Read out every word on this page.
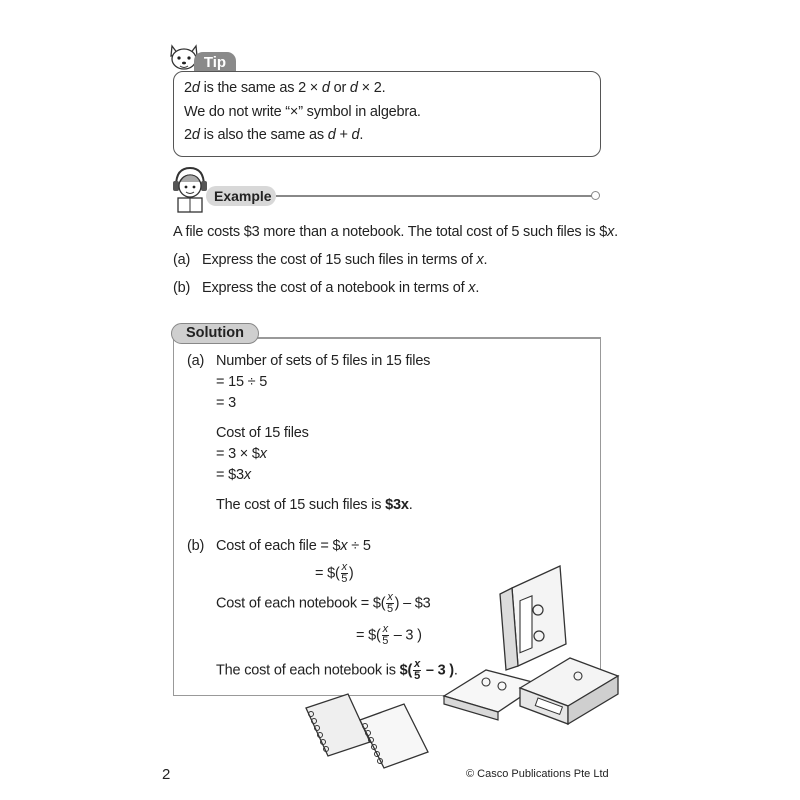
Tip
2d is the same as 2 × d or d × 2.
We do not write “×” symbol in algebra.
2d is also the same as d + d.
Example
A file costs $3 more than a notebook. The total cost of 5 such files is $x.
(a) Express the cost of 15 such files in terms of x.
(b) Express the cost of a notebook in terms of x.
Solution
(a) Number of sets of 5 files in 15 files
= 15 ÷ 5
= 3
Cost of 15 files
= 3 × $x
= $3x
The cost of 15 such files is $3x.
(b) Cost of each file = $x ÷ 5
= $( $\frac{x}{5}$ )
Cost of each notebook = $( $\frac{x}{5}$ ) – $3
= $( $\frac{x}{5} - 3$ )
The cost of each notebook is $( $\frac{x}{5} - 3$ ).
2	© Casco Publications Pte Ltd
